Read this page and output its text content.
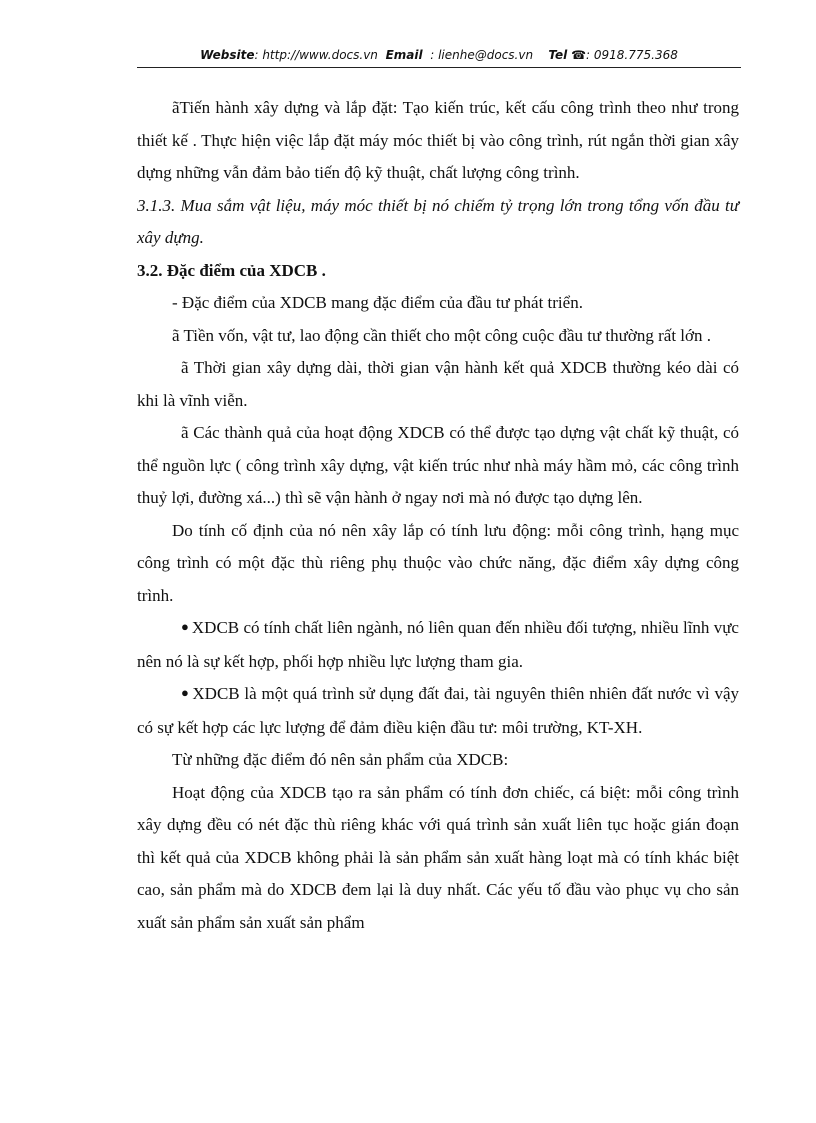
Website: http://www.docs.vn Email : lienhe@docs.vn Tel ☎: 0918.775.368

ãTiến hành xây dựng và lắp đặt: Tạo kiến trúc, kết cấu công trình theo như trong thiết kế . Thực hiện việc lắp đặt máy móc thiết bị vào công trình, rút ngắn thời gian xây dựng những vẫn đảm bảo tiến độ kỹ thuật, chất lượng công trình.

3.1.3. Mua sắm vật liệu, máy móc thiết bị nó chiếm tỷ trọng lớn trong tổng vốn đầu tư xây dựng.

3.2. Đặc điểm của XDCB .

- Đặc điểm của XDCB mang đặc điểm của đầu tư phát triển.

ã Tiền vốn, vật tư, lao động cần thiết cho một công cuộc đầu tư thường rất lớn .

ã Thời gian xây dựng dài, thời gian vận hành kết quả XDCB thường kéo dài có khi là vĩnh viễn.

ã Các thành quả của hoạt động XDCB có thể được tạo dựng vật chất kỹ thuật, có thể nguồn lực ( công trình xây dựng, vật kiến trúc như nhà máy hầm mỏ, các công trình thuỷ lợi, đường xá...) thì sẽ vận hành ở ngay nơi mà nó được tạo dựng lên.

Do tính cố định của nó nên xây lắp có tính lưu động: mỗi công trình, hạng mục công trình có một đặc thù riêng phụ thuộc vào chức năng, đặc điểm xây dựng công trình.

● XDCB có tính chất liên ngành, nó liên quan đến nhiều đối tượng, nhiều lĩnh vực nên nó là sự kết hợp, phối hợp nhiều lực lượng tham gia.

● XDCB là một quá trình sử dụng đất đai, tài nguyên thiên nhiên đất nước vì vậy có sự kết hợp các lực lượng để đảm điều kiện đầu tư: môi trường, KT-XH.

Từ những đặc điểm đó nên sản phẩm của XDCB:

Hoạt động của XDCB tạo ra sản phẩm có tính đơn chiếc, cá biệt: mỗi công trình xây dựng đều có nét đặc thù riêng khác với quá trình sản xuất liên tục hoặc gián đoạn thì kết quả của XDCB không phải là sản phẩm sản xuất hàng loạt mà có tính khác biệt cao, sản phẩm mà do XDCB đem lại là duy nhất. Các yếu tố đầu vào phục vụ cho sản xuất sản phẩm sản xuất sản phẩm
